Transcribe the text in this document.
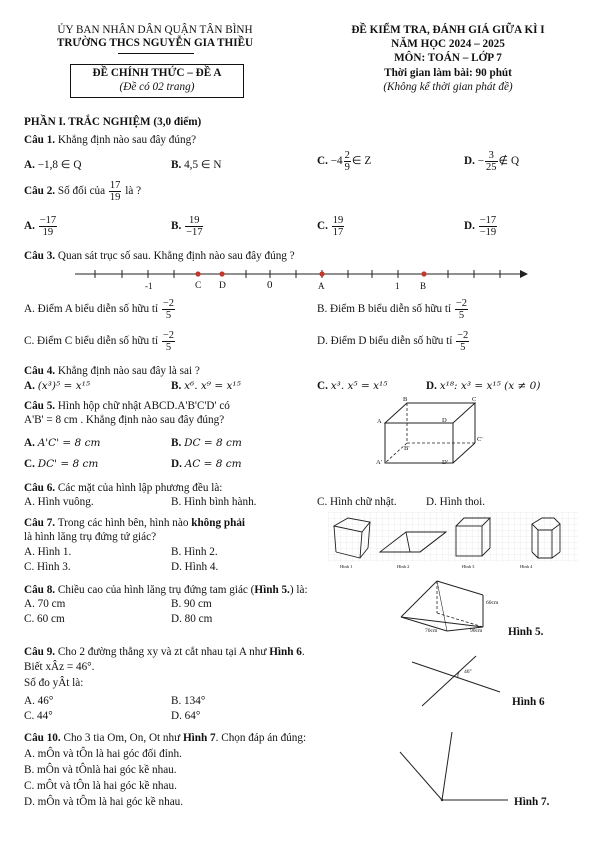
ỦY BAN NHÂN DÂN QUẬN TÂN BÌNH
TRƯỜNG THCS NGUYỄN GIA THIỀU
ĐỀ KIỂM TRA, ĐÁNH GIÁ GIỮA KÌ I
NĂM HỌC 2024 – 2025
MÔN: TOÁN – LỚP 7
ĐỀ CHÍNH THỨC – ĐỀ A
(Đề có 02 trang)
Thời gian làm bài: 90 phút
(Không kể thời gian phát đề)
PHẦN I. TRẮC NGHIỆM (3,0 điểm)
Câu 1. Khẳng định nào sau đây đúng?
A. −1,8 ∈ Q	B. 4,5 ∈ N	C. $-4 \frac{2}{9}$ ∈ Z	D. − $\frac{3}{25}$ ∉ Q
Câu 2. Số đối của $\frac{17}{19}$ là ?
A. $\frac{-17}{19}$	B. $\frac{19}{-17}$	C. $\frac{19}{17}$	D. $\frac{-17}{-19}$
Câu 3. Quan sát trục số sau. Khẳng định nào sau đây đúng ?
-1	C D	0	A	1 B
A. Điểm A biểu diễn số hữu tỉ $\frac{-2}{5}$	B. Điểm B biểu diễn số hữu tỉ $\frac{-2}{5}$
C. Điểm C biểu diễn số hữu tỉ $\frac{-2}{5}$	D. Điểm D biểu diễn số hữu tỉ $\frac{-2}{5}$
Câu 4. Khẳng định nào sau đây là sai ?
A. (x³)⁵ = x¹⁵	B. x⁶. x⁹ = x¹⁵	C. x³. x⁵ = x¹⁵	D. x¹⁸: x³ = x¹⁵ (x ≠ 0)
Câu 5. Hình hộp chữ nhật ABCD.A'B'C'D' có
A'B' = 8 cm . Khẳng định nào sau đây đúng?
A. A'C' = 8 cm	B. DC = 8 cm
C. DC' = 8 cm	D. AC = 8 cm
B	C
A	D
B'
C'
A'	D'
Câu 6. Các mặt của hình lập phương đều là:
A. Hình vuông.	B. Hình bình hành.	C. Hình chữ nhật.	D. Hình thoi.
Câu 7. Trong các hình bên, hình nào không phải
là hình lăng trụ đứng tứ giác?
A. Hình 1.	B. Hình 2.
C. Hình 3.	D. Hình 4.	Hình 1	Hình 2	Hình 3	Hình 4
Câu 8. Chiều cao của hình lăng trụ đứng tam giác (Hình 5.) là:
A. 70 cm	B. 90 cm
C. 60 cm	D. 80 cm
60cm
70cm	90cm Hình 5.
Câu 9. Cho 2 đường thẳng xy và zt cắt nhau tại A như Hình 6.
Biết xÂz = 46°.
Số đo yÂt là:
A. 46°	B. 134°
C. 44°	D. 64°
46°
Hình 6
Câu 10. Cho 3 tia Om, On, Ot như Hình 7. Chọn đáp án đúng:
A. mÔn và tÔn là hai góc đối đỉnh.
B. mÔn và tÔnlà hai góc kề nhau.
C. mÔt và tÔn là hai góc kề nhau.
D. mÔn và tÔm là hai góc kề nhau.	Hình 7.
